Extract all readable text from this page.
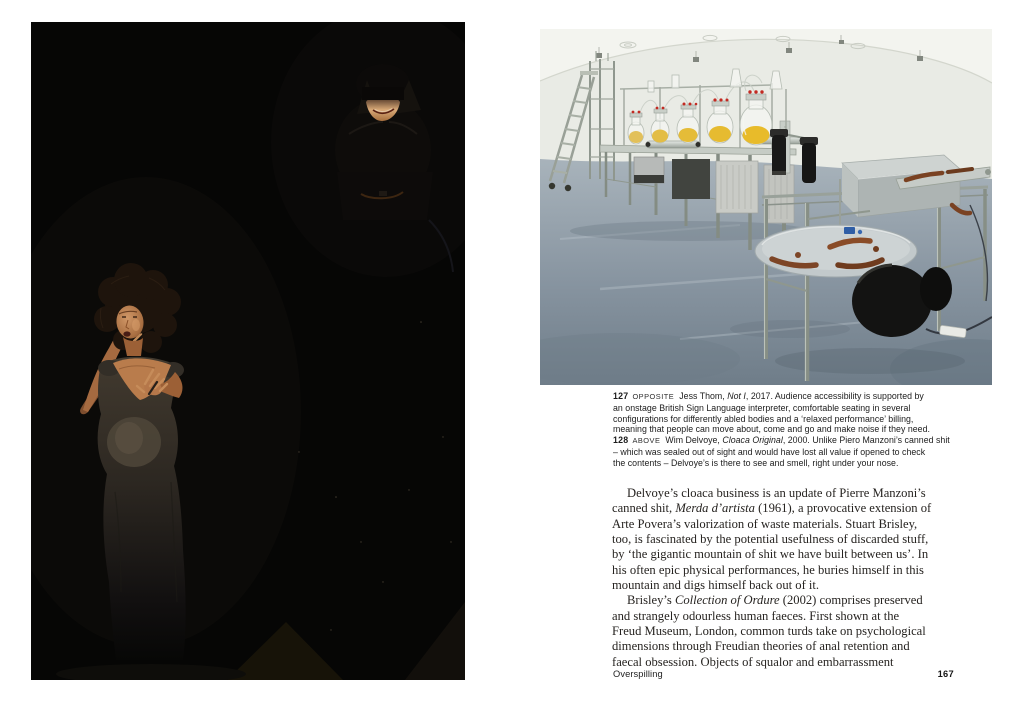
127 OPPOSITE Jess Thom, Not I, 2017. Audience accessibility is supported by
an onstage British Sign Language interpreter, comfortable seating in several
configurations for differently abled bodies and a ‘relaxed performance’ billing,
meaning that people can move about, come and go and make noise if they need.
128 ABOVE Wim Delvoye, Cloaca Original, 2000. Unlike Piero Manzoni’s canned shit
– which was sealed out of sight and would have lost all value if opened to check
the contents – Delvoye’s is there to see and smell, right under your nose.
Delvoye’s cloaca business is an update of Pierre Manzoni’s
canned shit, Merda d’artista (1961), a provocative extension of
Arte Povera’s valorization of waste materials. Stuart Brisley,
too, is fascinated by the potential usefulness of discarded stuff,
by ‘the gigantic mountain of shit we have built between us’. In
his often epic physical performances, he buries himself in this
mountain and digs himself back out of it.
Brisley’s Collection of Ordure (2002) comprises preserved
and strangely odourless human faeces. First shown at the
Freud Museum, London, common turds take on psychological
dimensions through Freudian theories of anal retention and
faecal obsession. Objects of squalor and embarrassment
Overspilling	167
